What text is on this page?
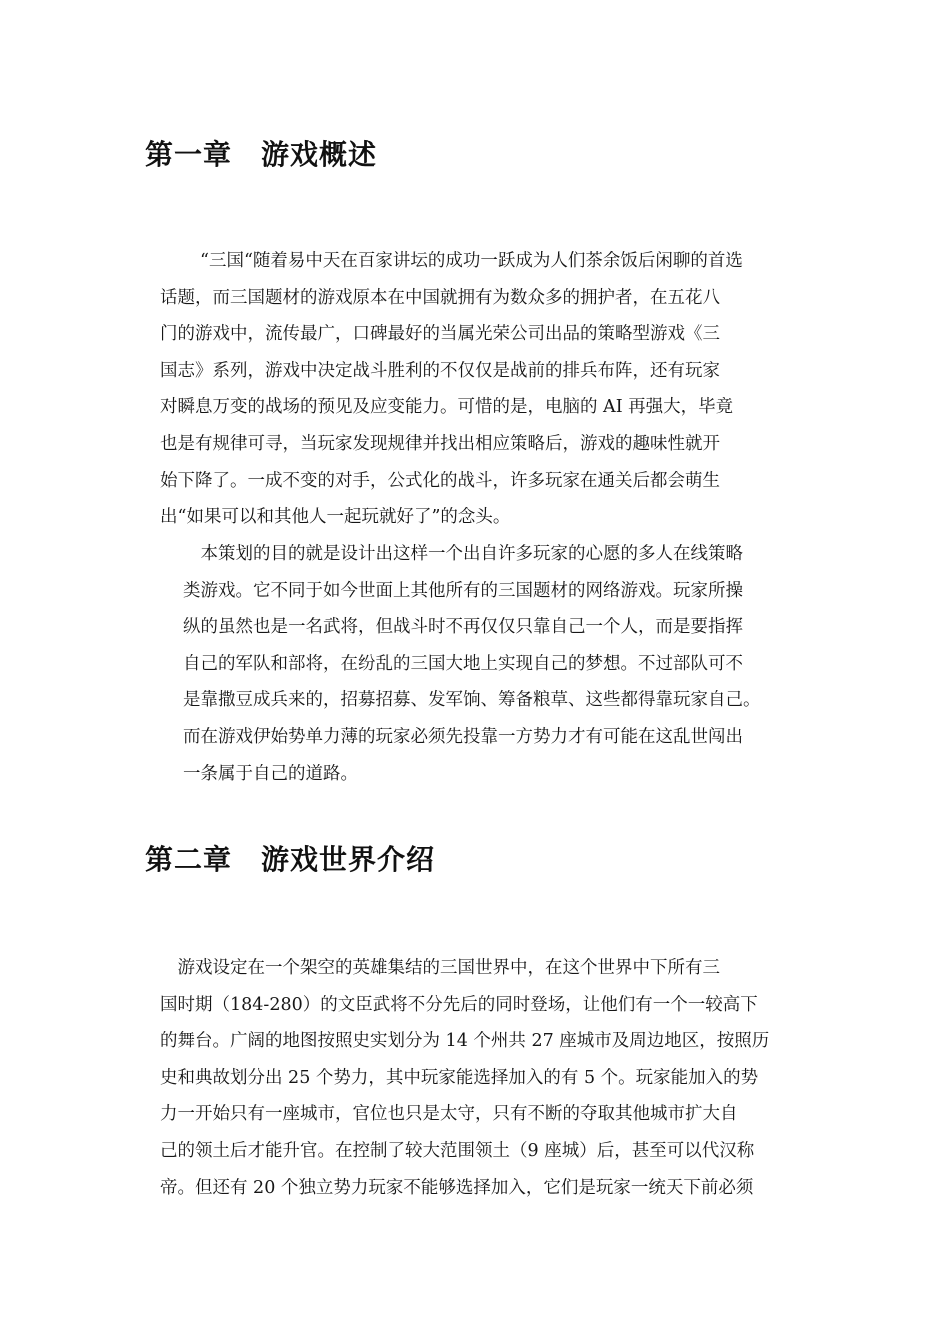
第一章　游戏概述
“三国“随着易中天在百家讲坛的成功一跃成为人们茶余饭后闲聊的首选
话题，而三国题材的游戏原本在中国就拥有为数众多的拥护者，在五花八
门的游戏中，流传最广，口碑最好的当属光荣公司出品的策略型游戏《三
国志》系列，游戏中决定战斗胜利的不仅仅是战前的排兵布阵，还有玩家
对瞬息万变的战场的预见及应变能力。可惜的是，电脑的 AI 再强大，毕竟
也是有规律可寻，当玩家发现规律并找出相应策略后，游戏的趣味性就开
始下降了。一成不变的对手，公式化的战斗，许多玩家在通关后都会萌生
出“如果可以和其他人一起玩就好了”的念头。
　本策划的目的就是设计出这样一个出自许多玩家的心愿的多人在线策略
类游戏。它不同于如今世面上其他所有的三国题材的网络游戏。玩家所操
纵的虽然也是一名武将，但战斗时不再仅仅只靠自己一个人，而是要指挥
自己的军队和部将，在纷乱的三国大地上实现自己的梦想。不过部队可不
是靠撒豆成兵来的，招募招募、发军饷、筹备粮草、这些都得靠玩家自己。
而在游戏伊始势单力薄的玩家必须先投靠一方势力才有可能在这乱世闯出
一条属于自己的道路。
第二章　游戏世界介绍
　游戏设定在一个架空的英雄集结的三国世界中，在这个世界中下所有三
国时期（184-280）的文臣武将不分先后的同时登场，让他们有一个一较高下
的舞台。广阔的地图按照史实划分为 14 个州共 27 座城市及周边地区，按照历
史和典故划分出 25 个势力，其中玩家能选择加入的有 5 个。玩家能加入的势
力一开始只有一座城市，官位也只是太守，只有不断的夺取其他城市扩大自
己的领土后才能升官。在控制了较大范围领土（9 座城）后，甚至可以代汉称
帝。但还有 20 个独立势力玩家不能够选择加入，它们是玩家一统天下前必须
